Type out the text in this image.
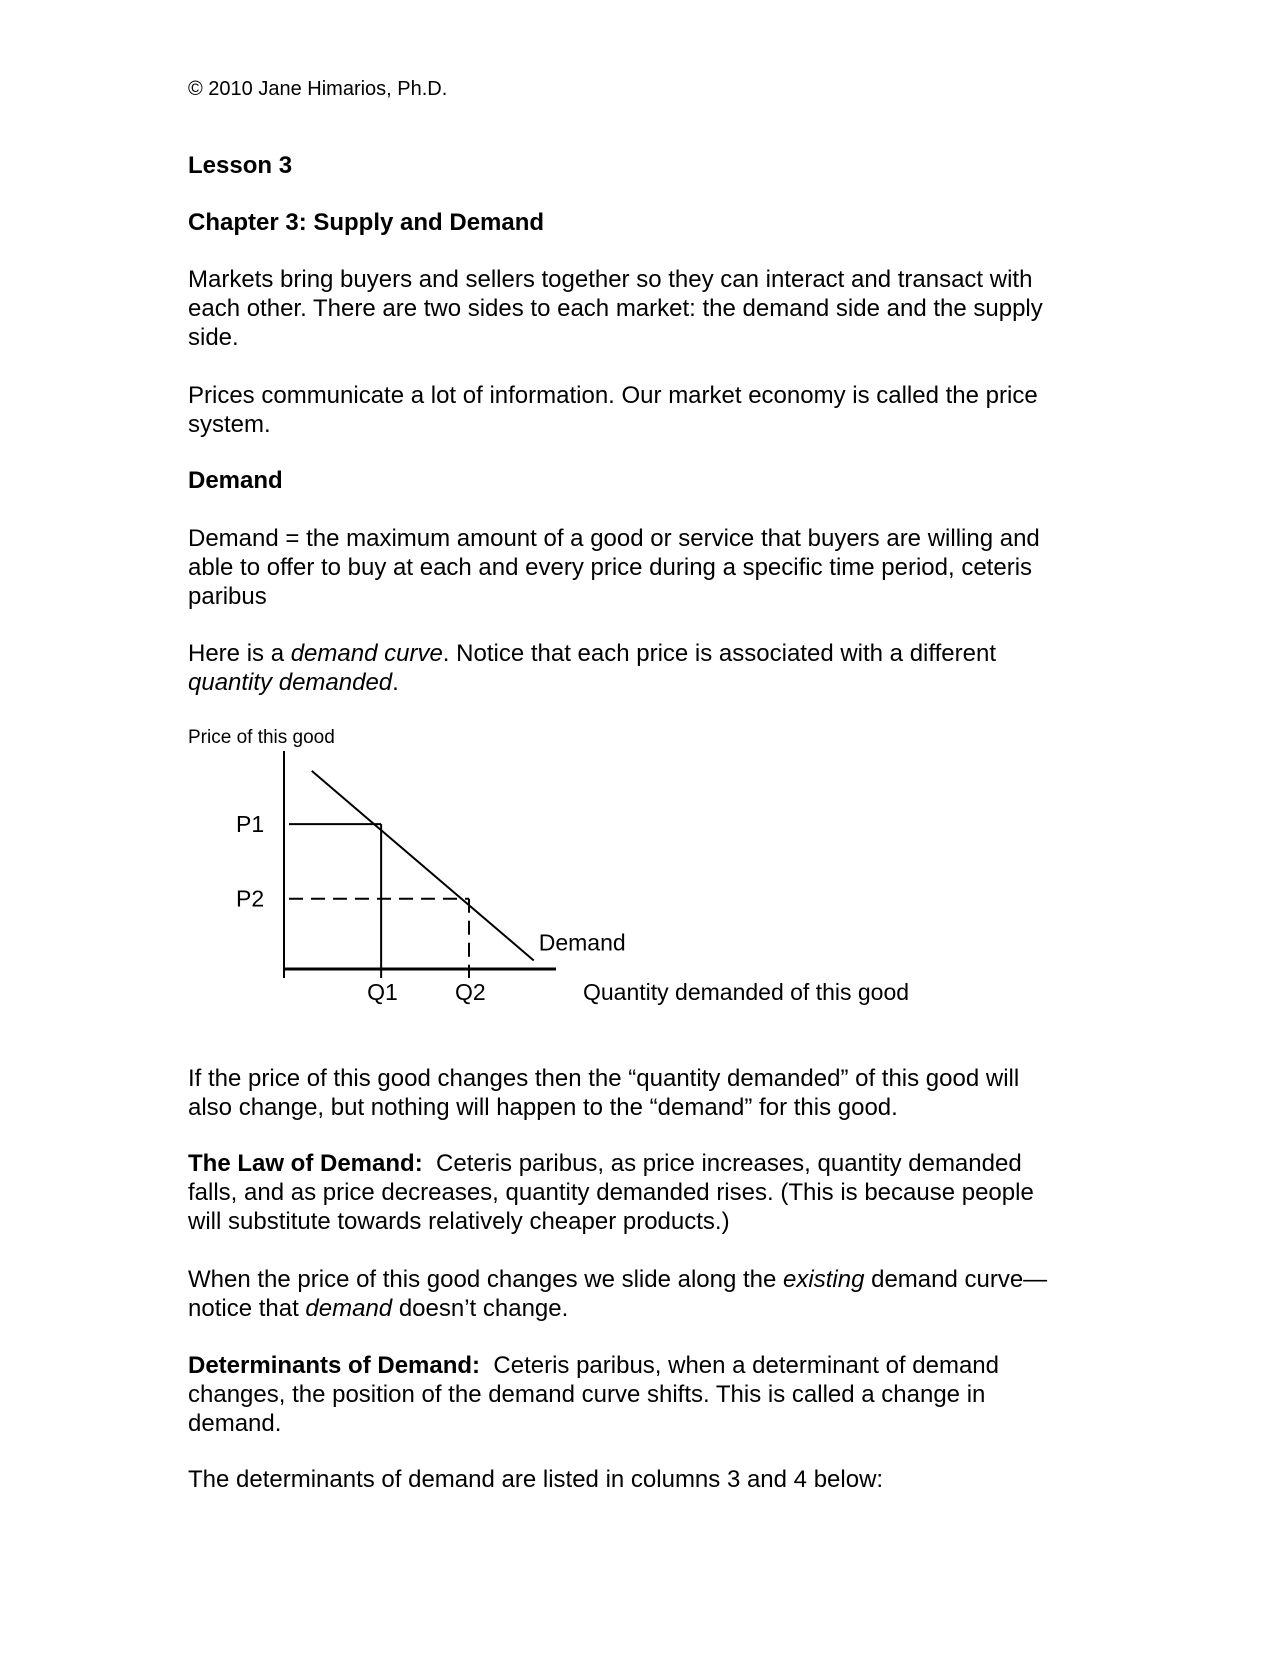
© 2010 Jane Himarios, Ph.D.
Lesson 3
Chapter 3: Supply and Demand
Markets bring buyers and sellers together so they can interact and transact with
each other. There are two sides to each market: the demand side and the supply
side.
Prices communicate a lot of information. Our market economy is called the price
system.
Demand
Demand = the maximum amount of a good or service that buyers are willing and
able to offer to buy at each and every price during a specific time period, ceteris
paribus
Here is a demand curve. Notice that each price is associated with a different
quantity demanded.
Price of this good
Quantity demanded of this good
Demand
P1
Q1
P2
Q2
If the price of this good changes then the “quantity demanded” of this good will
also change, but nothing will happen to the “demand” for this good.
The Law of Demand:  Ceteris paribus, as price increases, quantity demanded
falls, and as price decreases, quantity demanded rises. (This is because people
will substitute towards relatively cheaper products.)
When the price of this good changes we slide along the existing demand curve—
notice that demand doesn’t change.
Determinants of Demand:  Ceteris paribus, when a determinant of demand
changes, the position of the demand curve shifts. This is called a change in
demand.
The determinants of demand are listed in columns 3 and 4 below:
